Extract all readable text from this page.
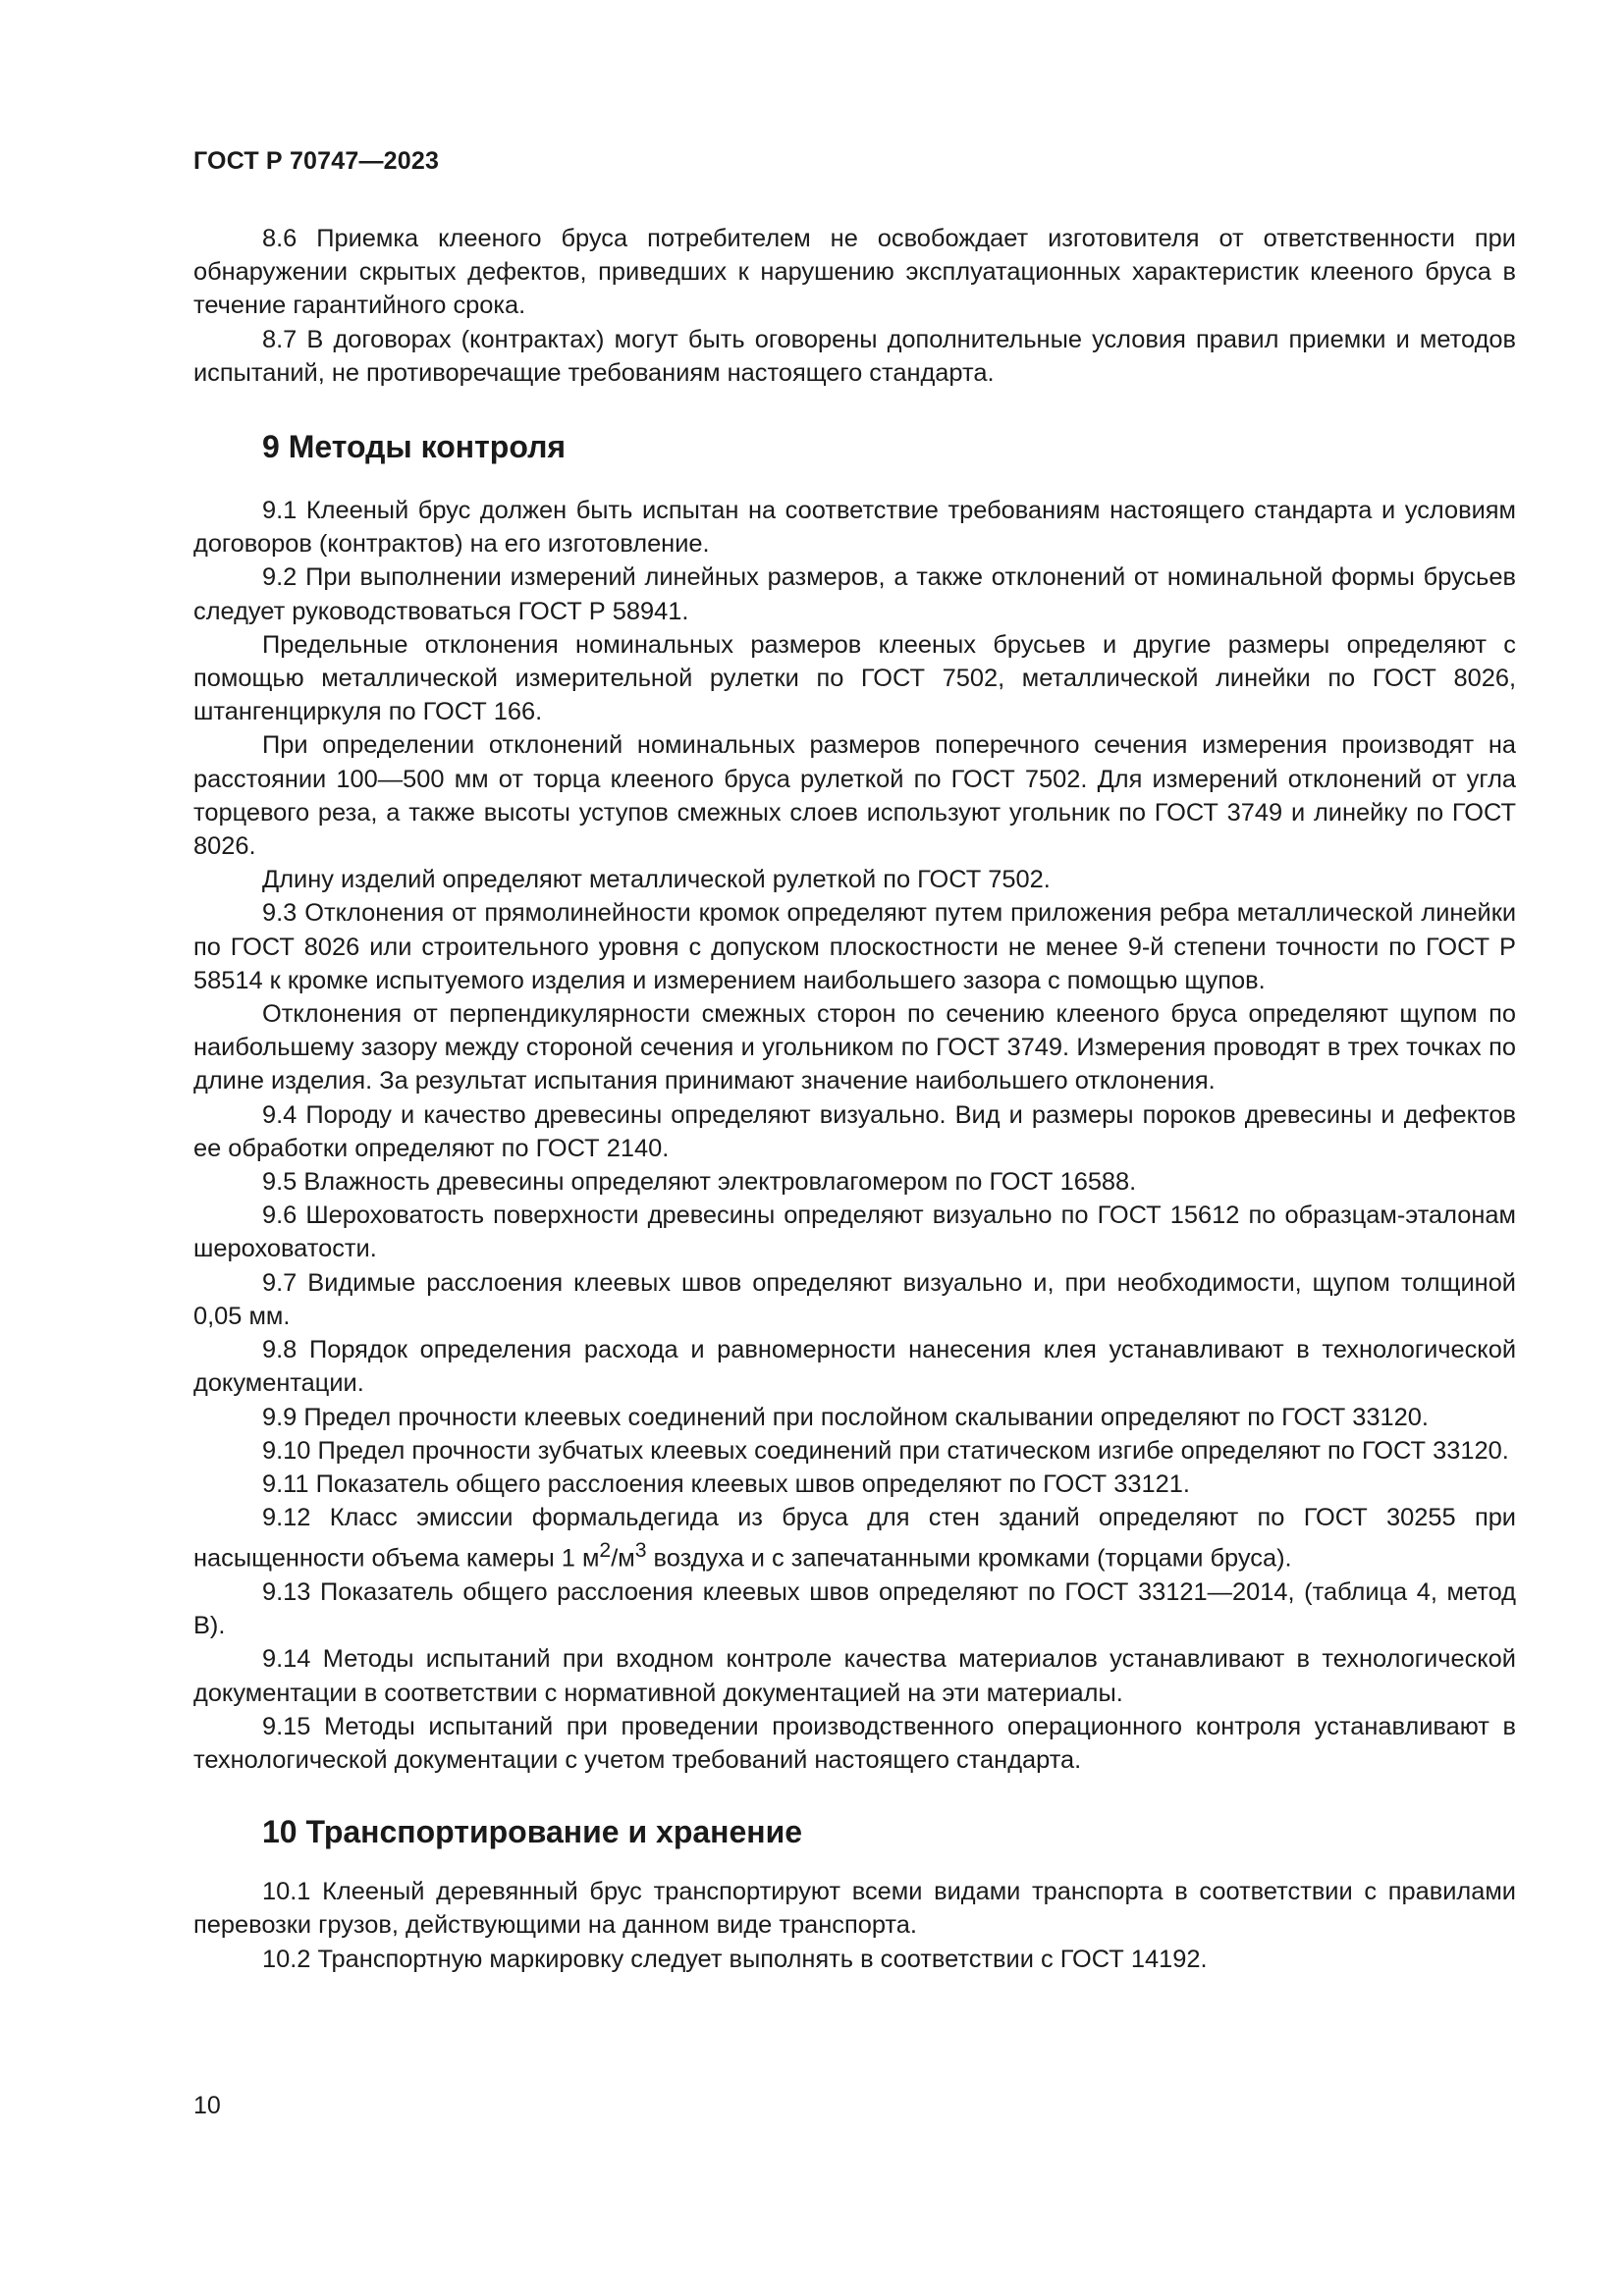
ГОСТ Р 70747—2023

8.6 Приемка клееного бруса потребителем не освобождает изготовителя от ответственности при обнаружении скрытых дефектов, приведших к нарушению эксплуатационных характеристик клееного бруса в течение гарантийного срока.

8.7 В договорах (контрактах) могут быть оговорены дополнительные условия правил приемки и методов испытаний, не противоречащие требованиям настоящего стандарта.

9 Методы контроля

9.1 Клееный брус должен быть испытан на соответствие требованиям настоящего стандарта и условиям договоров (контрактов) на его изготовление.

9.2 При выполнении измерений линейных размеров, а также отклонений от номинальной формы брусьев следует руководствоваться ГОСТ Р 58941.

Предельные отклонения номинальных размеров клееных брусьев и другие размеры определяют с помощью металлической измерительной рулетки по ГОСТ 7502, металлической линейки по ГОСТ 8026, штангенциркуля по ГОСТ 166.

При определении отклонений номинальных размеров поперечного сечения измерения производят на расстоянии 100—500 мм от торца клееного бруса рулеткой по ГОСТ 7502. Для измерений отклонений от угла торцевого реза, а также высоты уступов смежных слоев используют угольник по ГОСТ 3749 и линейку по ГОСТ 8026.

Длину изделий определяют металлической рулеткой по ГОСТ 7502.

9.3 Отклонения от прямолинейности кромок определяют путем приложения ребра металлической линейки по ГОСТ 8026 или строительного уровня с допуском плоскостности не менее 9-й степени точности по ГОСТ Р 58514 к кромке испытуемого изделия и измерением наибольшего зазора с помощью щупов.

Отклонения от перпендикулярности смежных сторон по сечению клееного бруса определяют щупом по наибольшему зазору между стороной сечения и угольником по ГОСТ 3749. Измерения проводят в трех точках по длине изделия. За результат испытания принимают значение наибольшего отклонения.

9.4 Породу и качество древесины определяют визуально. Вид и размеры пороков древесины и дефектов ее обработки определяют по ГОСТ 2140.

9.5 Влажность древесины определяют электровлагомером по ГОСТ 16588.

9.6 Шероховатость поверхности древесины определяют визуально по ГОСТ 15612 по образцам-эталонам шероховатости.

9.7 Видимые расслоения клеевых швов определяют визуально и, при необходимости, щупом толщиной 0,05 мм.

9.8 Порядок определения расхода и равномерности нанесения клея устанавливают в технологической документации.

9.9 Предел прочности клеевых соединений при послойном скалывании определяют по ГОСТ 33120.

9.10 Предел прочности зубчатых клеевых соединений при статическом изгибе определяют по ГОСТ 33120.

9.11 Показатель общего расслоения клеевых швов определяют по ГОСТ 33121.

9.12 Класс эмиссии формальдегида из бруса для стен зданий определяют по ГОСТ 30255 при насыщенности объема камеры 1 $м^2/м^3$ воздуха и с запечатанными кромками (торцами бруса).

9.13 Показатель общего расслоения клеевых швов определяют по ГОСТ 33121—2014, (таблица 4, метод В).

9.14 Методы испытаний при входном контроле качества материалов устанавливают в технологической документации в соответствии с нормативной документацией на эти материалы.

9.15 Методы испытаний при проведении производственного операционного контроля устанавливают в технологической документации с учетом требований настоящего стандарта.

10 Транспортирование и хранение

10.1 Клееный деревянный брус транспортируют всеми видами транспорта в соответствии с правилами перевозки грузов, действующими на данном виде транспорта.

10.2 Транспортную маркировку следует выполнять в соответствии с ГОСТ 14192.

10
